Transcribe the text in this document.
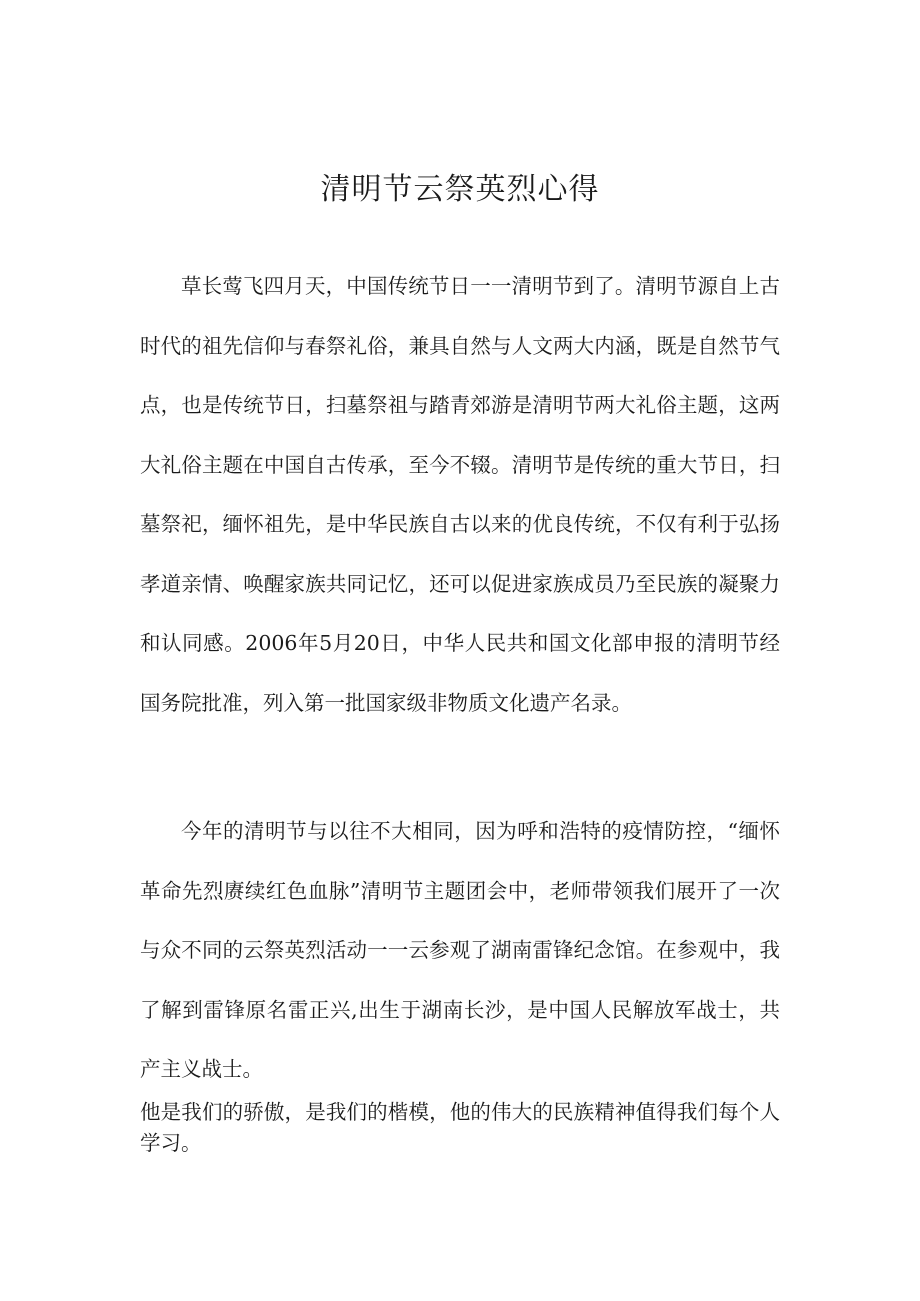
清明节云祭英烈心得

草长莺飞四月天，中国传统节日一一清明节到了。清明节源自上古时代的祖先信仰与春祭礼俗，兼具自然与人文两大内涵，既是自然节气点，也是传统节日，扫墓祭祖与踏青郊游是清明节两大礼俗主题，这两大礼俗主题在中国自古传承，至今不辍。清明节是传统的重大节日，扫墓祭祀，缅怀祖先，是中华民族自古以来的优良传统，不仅有利于弘扬孝道亲情、唤醒家族共同记忆，还可以促进家族成员乃至民族的凝聚力和认同感。2006年5月20日，中华人民共和国文化部申报的清明节经国务院批准，列入第一批国家级非物质文化遗产名录。

今年的清明节与以往不大相同，因为呼和浩特的疫情防控，“缅怀革命先烈赓续红色血脉”清明节主题团会中，老师带领我们展开了一次与众不同的云祭英烈活动一一云参观了湖南雷锋纪念馆。在参观中，我了解到雷锋原名雷正兴,出生于湖南长沙，是中国人民解放军战士，共产主义战士。

他是我们的骄傲，是我们的楷模，他的伟大的民族精神值得我们每个人学习。
